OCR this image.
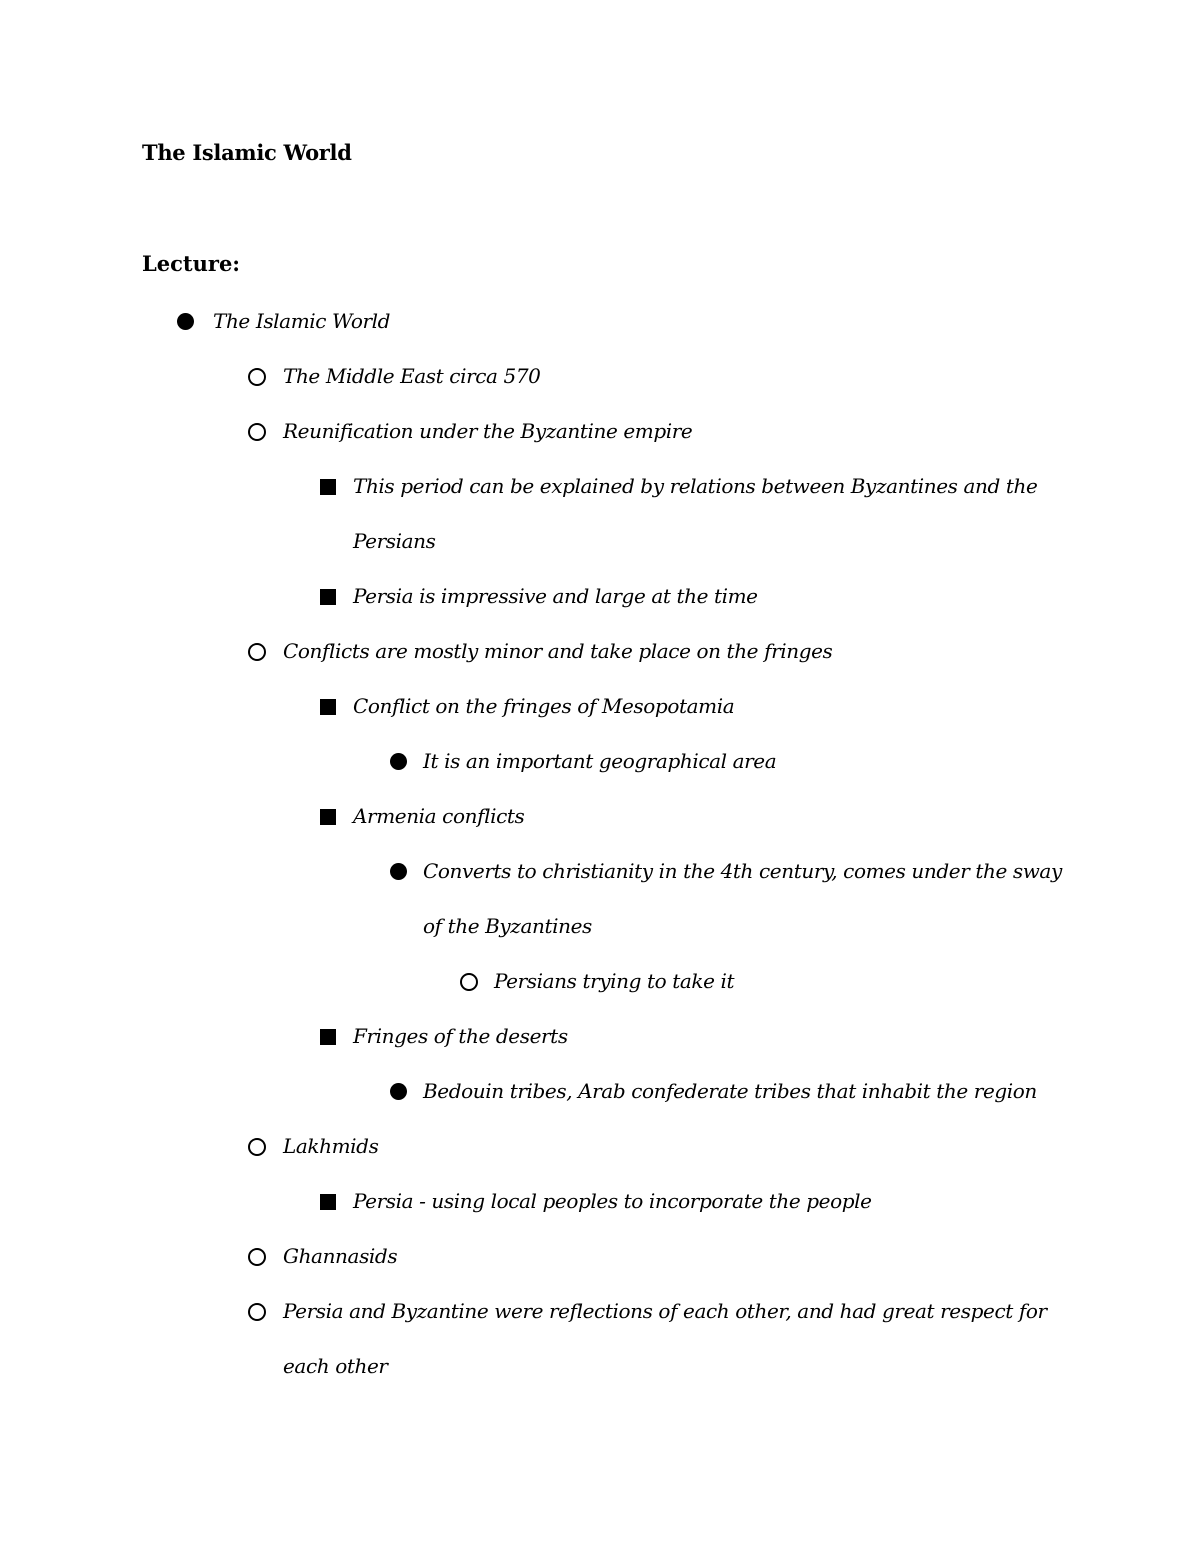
The Islamic World
Lecture:
The Islamic World
The Middle East circa 570
Reunification under the Byzantine empire
This period can be explained by relations between Byzantines and the
Persians
Persia is impressive and large at the time
Conflicts are mostly minor and take place on the fringes
Conflict on the fringes of Mesopotamia
It is an important geographical area
Armenia conflicts
Converts to christianity in the 4th century, comes under the sway
of the Byzantines
Persians trying to take it
Fringes of the deserts
Bedouin tribes, Arab confederate tribes that inhabit the region
Lakhmids
Persia - using local peoples to incorporate the people
Ghannasids
Persia and Byzantine were reflections of each other, and had great respect for
each other
